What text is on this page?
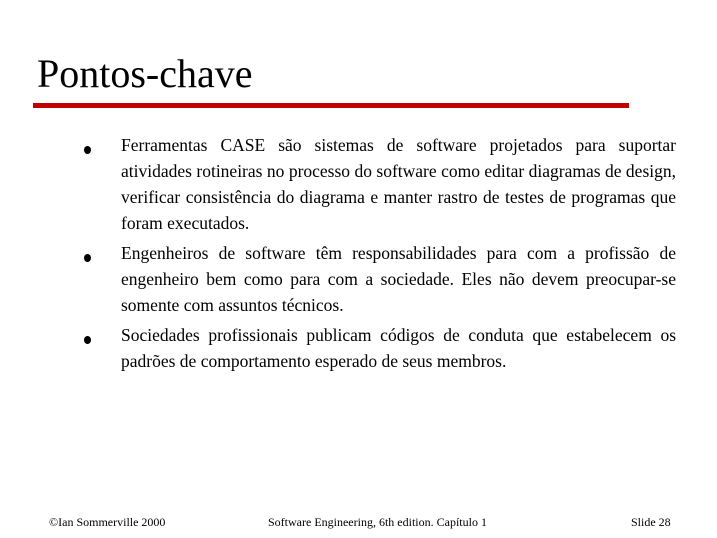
Pontos-chave
Ferramentas CASE são sistemas de software projetados para suportar atividades rotineiras no processo do software como editar diagramas de design, verificar consistência do diagrama e manter rastro de testes de programas que foram executados.
Engenheiros de software têm responsabilidades para com a profissão de engenheiro bem como para com a sociedade. Eles não devem preocupar-se somente com assuntos técnicos.
Sociedades profissionais publicam códigos de conduta que estabelecem os padrões de comportamento esperado de seus membros.
©Ian Sommerville 2000	Software Engineering, 6th edition. Capítulo 1	Slide 28
